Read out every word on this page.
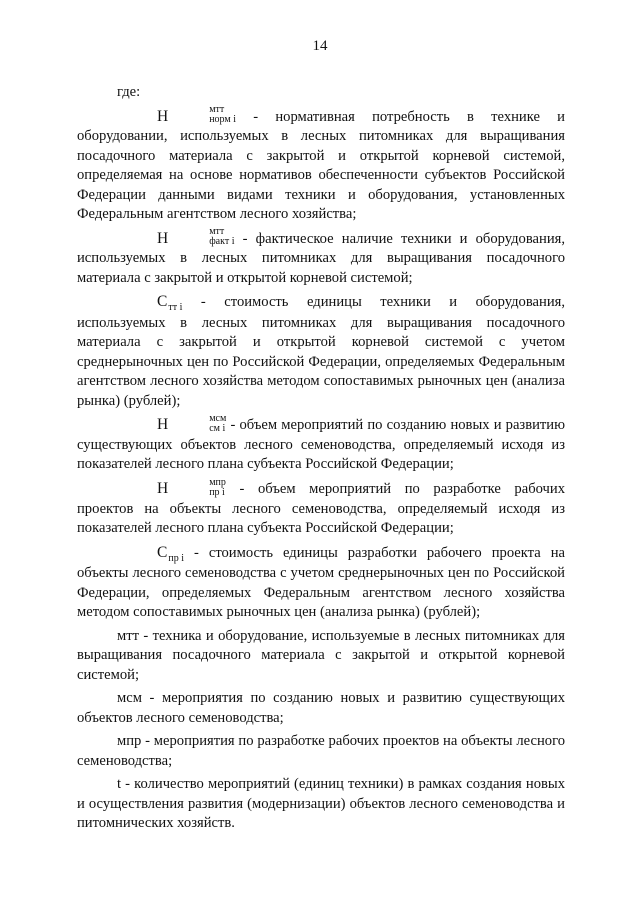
14

где:

Н	мтт
норм i - нормативная потребность в технике и оборудовании, используемых в лесных питомниках для выращивания посадочного материала с закрытой и открытой корневой системой, определяемая на основе нормативов обеспеченности субъектов Российской Федерации данными видами техники и оборудования, установленных Федеральным агентством лесного хозяйства;

Н	мтт
факт i - фактическое наличие техники и оборудования, используемых в лесных питомниках для выращивания посадочного материала с закрытой и открытой корневой системой;

$С_{тт i}$ - стоимость единицы техники и оборудования, используемых в лесных питомниках для выращивания посадочного материала с закрытой и открытой корневой системой с учетом среднерыночных цен по Российской Федерации, определяемых Федеральным агентством лесного хозяйства методом сопоставимых рыночных цен (анализа рынка) (рублей);

Н	мсм
см i - объем мероприятий по созданию новых и развитию существующих объектов лесного семеноводства, определяемый исходя из показателей лесного плана субъекта Российской Федерации;

Н	мпр
пр i - объем мероприятий по разработке рабочих проектов на объекты лесного семеноводства, определяемый исходя из показателей лесного плана субъекта Российской Федерации;

$С_{пр i}$ - стоимость единицы разработки рабочего проекта на объекты лесного семеноводства с учетом среднерыночных цен по Российской Федерации, определяемых Федеральным агентством лесного хозяйства методом сопоставимых рыночных цен (анализа рынка) (рублей);

мтт - техника и оборудование, используемые в лесных питомниках для выращивания посадочного материала с закрытой и открытой корневой системой;

мсм - мероприятия по созданию новых и развитию существующих объектов лесного семеноводства;

мпр - мероприятия по разработке рабочих проектов на объекты лесного семеноводства;

t - количество мероприятий (единиц техники) в рамках создания новых и осуществления развития (модернизации) объектов лесного семеноводства и питомнических хозяйств.
